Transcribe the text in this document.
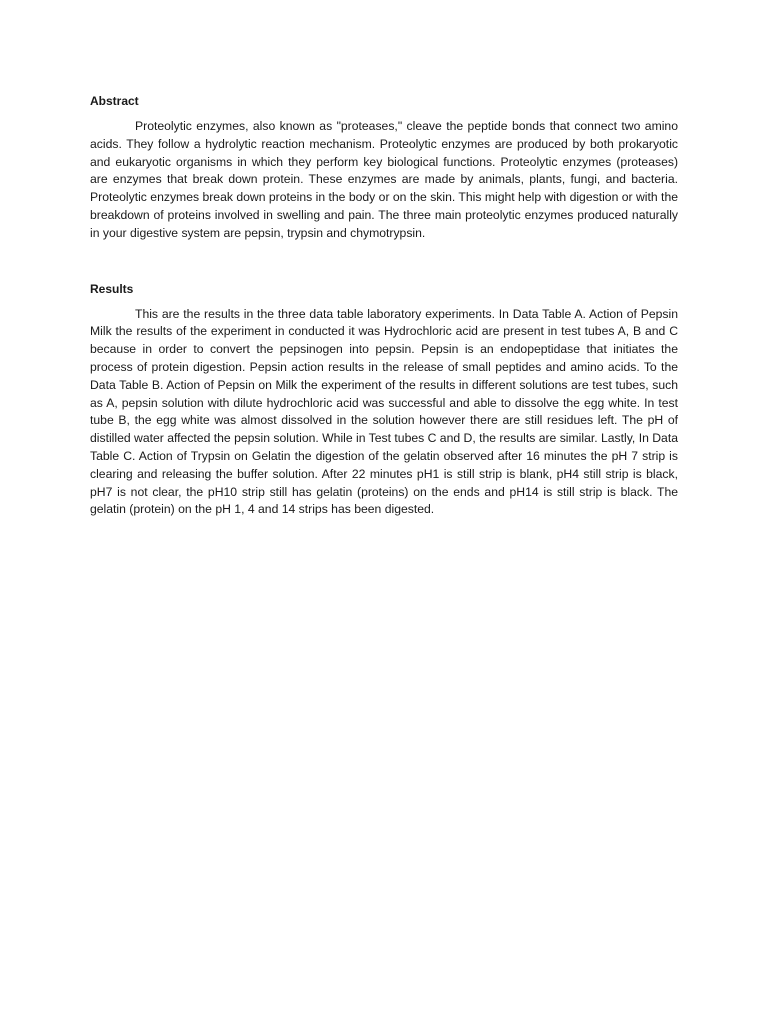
Abstract

Proteolytic enzymes, also known as "proteases," cleave the peptide bonds that connect two amino acids. They follow a hydrolytic reaction mechanism. Proteolytic enzymes are produced by both prokaryotic and eukaryotic organisms in which they perform key biological functions. Proteolytic enzymes (proteases) are enzymes that break down protein. These enzymes are made by animals, plants, fungi, and bacteria. Proteolytic enzymes break down proteins in the body or on the skin. This might help with digestion or with the breakdown of proteins involved in swelling and pain. The three main proteolytic enzymes produced naturally in your digestive system are pepsin, trypsin and chymotrypsin.

Results

This are the results in the three data table laboratory experiments. In Data Table A. Action of Pepsin Milk the results of the experiment in conducted it was Hydrochloric acid are present in test tubes A, B and C because in order to convert the pepsinogen into pepsin. Pepsin is an endopeptidase that initiates the process of protein digestion. Pepsin action results in the release of small peptides and amino acids. To the Data Table B. Action of Pepsin on Milk the experiment of the results in different solutions are test tubes, such as A, pepsin solution with dilute hydrochloric acid was successful and able to dissolve the egg white. In test tube B, the egg white was almost dissolved in the solution however there are still residues left. The pH of distilled water affected the pepsin solution. While in Test tubes C and D, the results are similar. Lastly, In Data Table C. Action of Trypsin on Gelatin the digestion of the gelatin observed after 16 minutes the pH 7 strip is clearing and releasing the buffer solution. After 22 minutes pH1 is still strip is blank, pH4 still strip is black, pH7 is not clear, the pH10 strip still has gelatin (proteins) on the ends and pH14 is still strip is black. The gelatin (protein) on the pH 1, 4 and 14 strips has been digested.
